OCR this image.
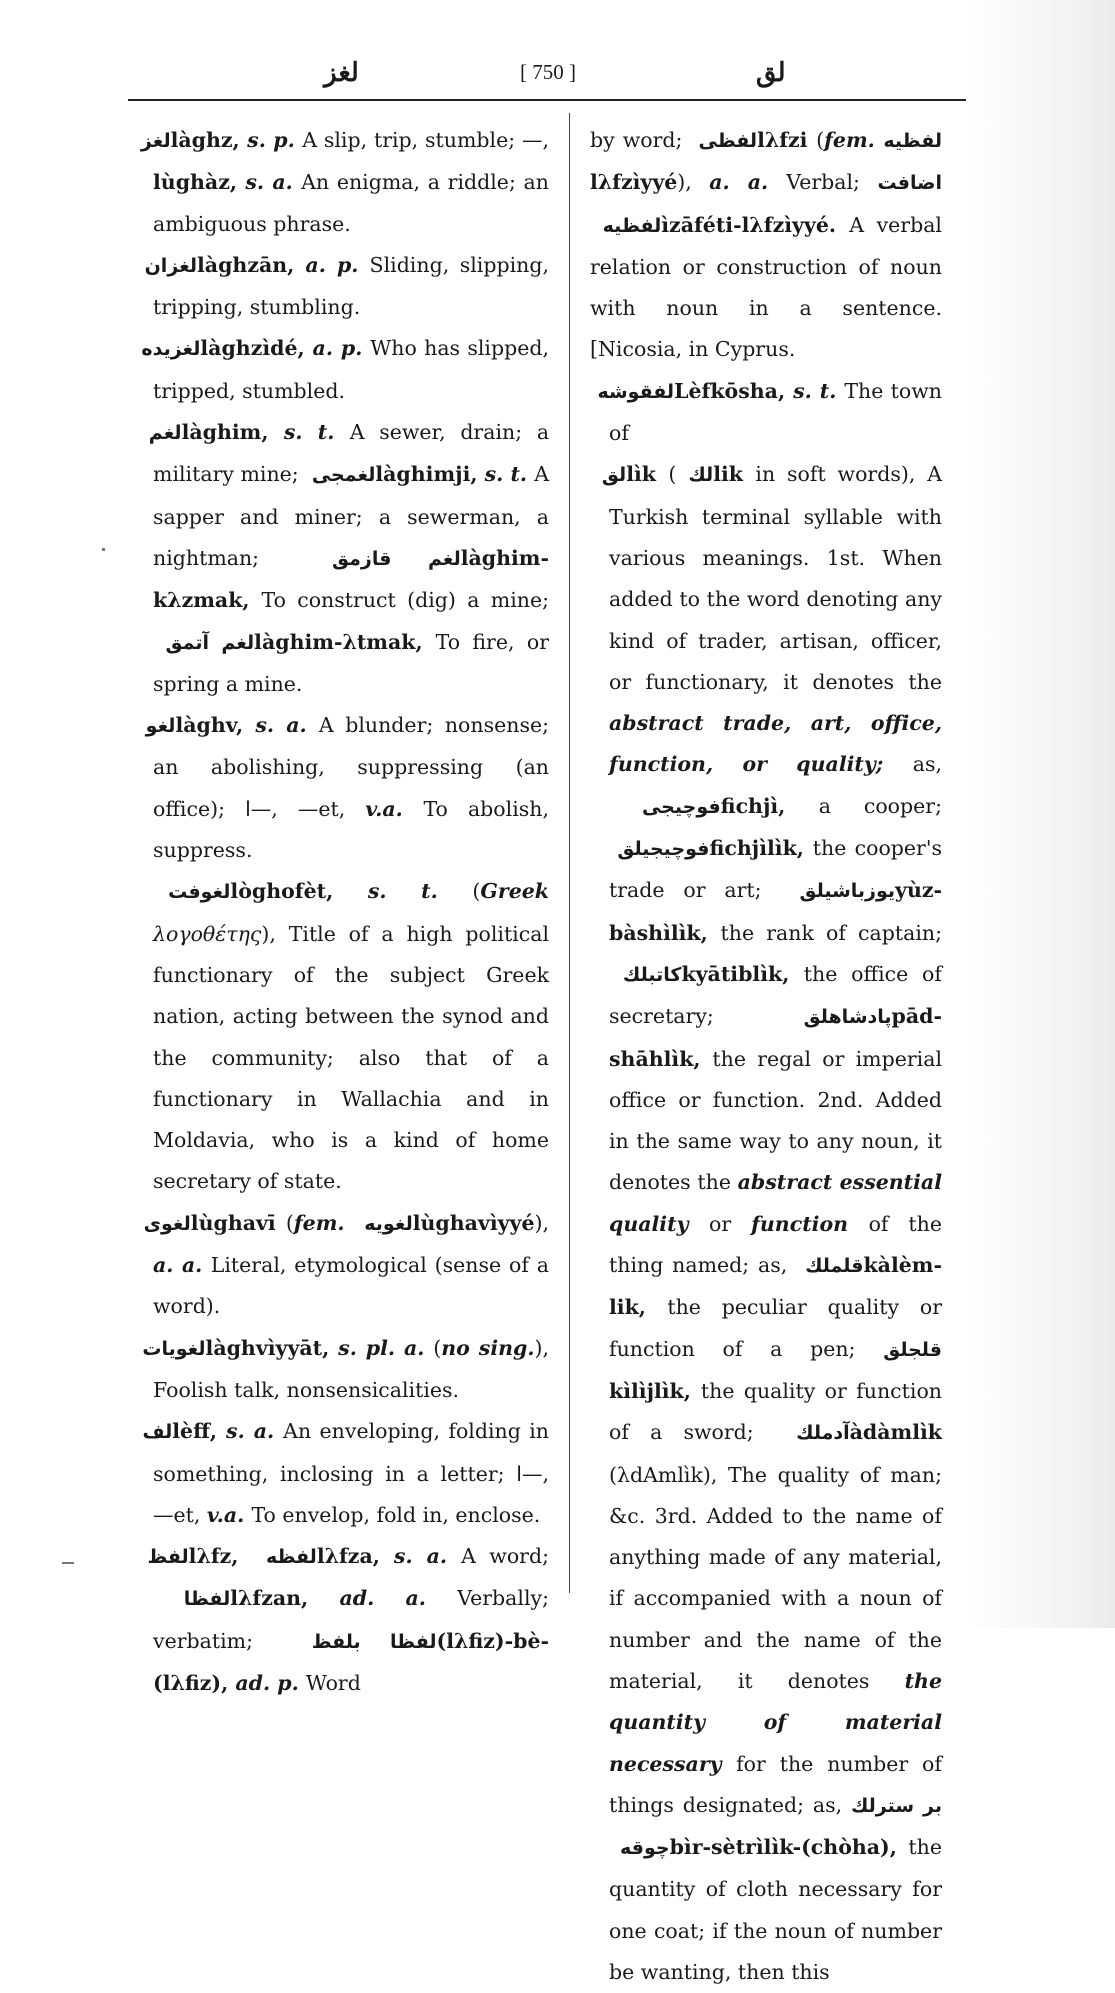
لغز	[ 750 ]	لق

لغز làghz, s. p. A slip, trip, stumble; —, lùghàz, s. a. An enigma, a riddle; an ambiguous phrase.

لغزان làghzān, a. p. Sliding, slipping, tripping, stumbling.

لغزيده làghzìdé, a. p. Who has slipped, tripped, stumbled.

لغم làghim, s. t. A sewer, drain; a military mine; لغمجى làghimji, s. t. A sapper and miner; a sewerman, a nightman; لغم قازمق làghim-kλzmak, To construct (dig) a mine; لغم آتمق làghim-λtmak, To fire, or spring a mine.

لغو làghv, s. a. A blunder; nonsense; an abolishing, suppressing (an office); ا—, —et, v.a. To abolish, suppress.

لغوفت lòghofèt, s. t. (Greek λογοθέτης), Title of a high political functionary of the subject Greek nation, acting between the synod and the community; also that of a functionary in Wallachia and in Moldavia, who is a kind of home secretary of state.

لغوى lùghavī (fem. لغويه lùghavìyyé), a. a. Literal, etymological (sense of a word).

لغويات làghvìyyāt, s. pl. a. (no sing.), Foolish talk, nonsensicalities.

لف lèff, s. a. An enveloping, folding in something, inclosing in a letter; ا—, —et, v.a. To envelop, fold in, enclose.

لفظ lλfz, لفظه lλfza, s. a. A word; لفظا lλfzan, ad. a. Verbally; verbatim; لفظا بلفظ (lλfiz)-bè-(lλfiz), ad. p. Word

by word; لفظى lλfzi (fem. لفظيه lλfzìyyé), a. a. Verbal; اضافت لفظيه ìzāféti-lλfzìyyé. A verbal relation or construction of noun with noun in a sentence. [Nicosia, in Cyprus.

لفقوشه Lèfkōsha, s. t. The town of

لق lìk (لك lik in soft words), A Turkish terminal syllable with various meanings. 1st. When added to the word denoting any kind of trader, artisan, officer, or functionary, it denotes the abstract trade, art, office, function, or quality; as, فوچيجى fichjì, a cooper; فوچيجيلق fichjìlìk, the cooper's trade or art; يوزباشيلق yùz-bàshìlìk, the rank of captain; كاتبلك kyātiblìk, the office of secretary; پادشاهلق pād-shāhlìk, the regal or imperial office or function. 2nd. Added in the same way to any noun, it denotes the abstract essential quality or function of the thing named; as, قلملك kàlèm-lik, the peculiar quality or function of a pen; قلجلق kìlìjlìk, the quality or function of a sword; آدملك àdàmlìk (λdAmlìk), The quality of man; &c. 3rd. Added to the name of anything made of any material, if accompanied with a noun of number and the name of the material, it denotes the quantity of material necessary for the number of things designated; as, بر سترلك چوقه bìr-sètrìlìk-(chòha), the quantity of cloth necessary for one coat; if the noun of number be wanting, then this
